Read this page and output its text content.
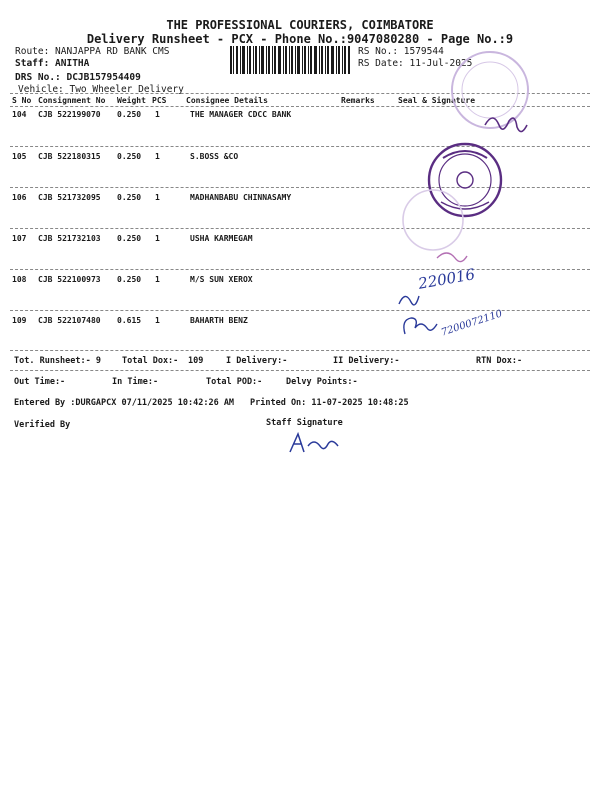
THE PROFESSIONAL COURIERS, COIMBATORE
Delivery Runsheet - PCX - Phone No.:9047080280 - Page No.:9
Route: NANJAPPA RD BANK CMS
Staff: ANITHA
DRS No.: DCJB157954409
Vehicle: Two Wheeler Delivery
RS No.: 1579544
RS Date: 11-Jul-2025
S No Consignment No Weight PCS Consignee Details	Remarks	Seal & Signature
104 CJB 522199070 0.250 1	THE MANAGER CDCC BANK
105 CJB 522180315 0.250 1	S.BOSS &CO
106 CJB 521732095 0.250 1	MADHANBABU CHINNASAMY
107 CJB 521732103 0.250 1	USHA KARMEGAM
108 CJB 522100973 0.250 1	M/S SUN XEROX
109 CJB 522107480 0.615 1	BAHARTH BENZ
Tot. Runsheet:- 9 Total Dox:- 109	I Delivery:-	II Delivery:-	RTN Dox:-
Out Time:-	In Time:-	Total POD:-	Delvy Points:-
Entered By :DURGAPCX 07/11/2025 10:42:26 AM Printed On: 11-07-2025 10:48:25
Verified By	Staff Signature
220016
7200072110
